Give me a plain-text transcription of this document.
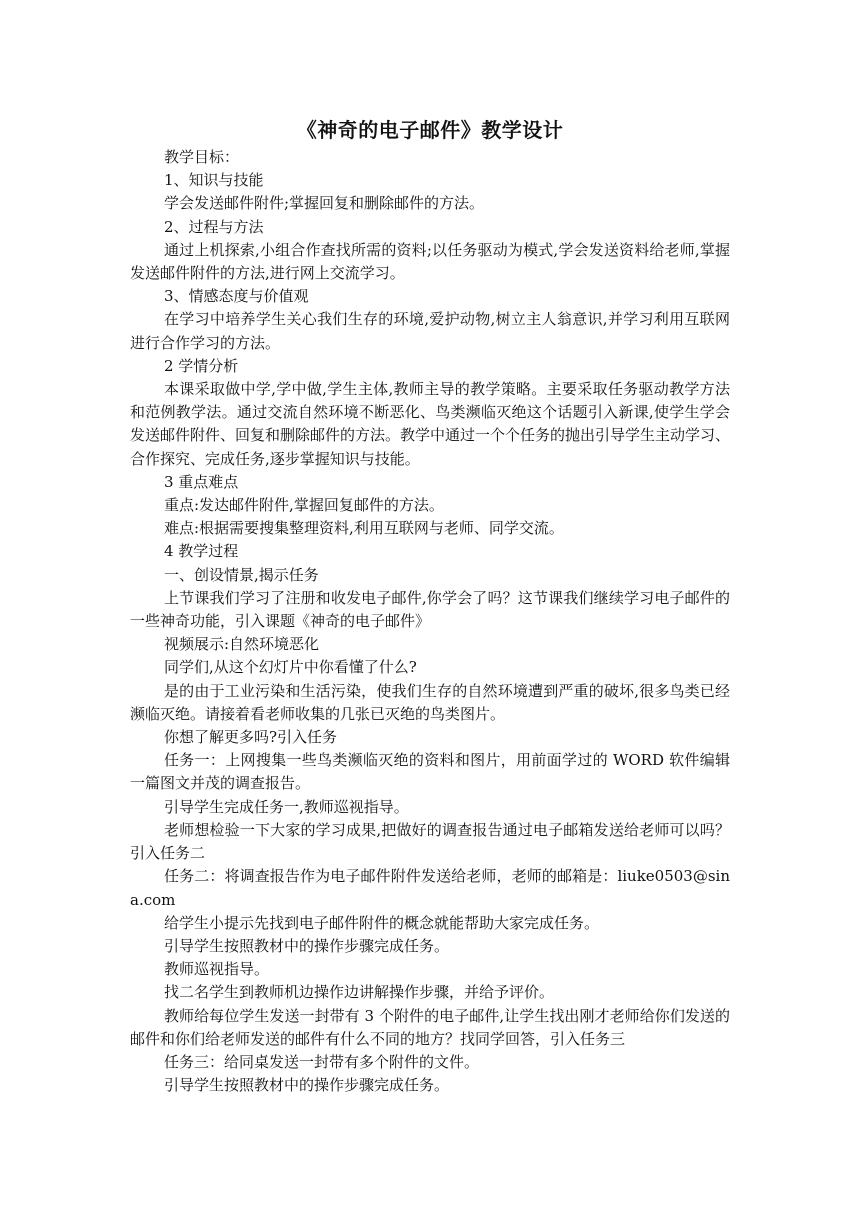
《神奇的电子邮件》教学设计

教学目标：

1、知识与技能

学会发送邮件附件;掌握回复和删除邮件的方法。

2、过程与方法

通过上机探索,小组合作查找所需的资料;以任务驱动为模式,学会发送资料给老师,掌握发送邮件附件的方法,进行网上交流学习。

3、情感态度与价值观

在学习中培养学生关心我们生存的环境,爱护动物,树立主人翁意识,并学习利用互联网进行合作学习的方法。

2 学情分析

本课采取做中学,学中做,学生主体,教师主导的教学策略。主要采取任务驱动教学方法和范例教学法。通过交流自然环境不断恶化、鸟类濒临灭绝这个话题引入新课,使学生学会发送邮件附件、回复和删除邮件的方法。教学中通过一个个任务的抛出引导学生主动学习、合作探究、完成任务,逐步掌握知识与技能。

3 重点难点

重点:发达邮件附件,掌握回复邮件的方法。

难点:根据需要搜集整理资料,利用互联网与老师、同学交流。

4 教学过程

一、创设情景,揭示任务

上节课我们学习了注册和收发电子邮件,你学会了吗？这节课我们继续学习电子邮件的一些神奇功能，引入课题《神奇的电子邮件》

视频展示:自然环境恶化

同学们,从这个幻灯片中你看懂了什么?

是的由于工业污染和生活污染，使我们生存的自然环境遭到严重的破坏,很多鸟类已经濒临灭绝。请接着看老师收集的几张已灭绝的鸟类图片。

你想了解更多吗?引入任务

任务一：上网搜集一些鸟类濒临灭绝的资料和图片，用前面学过的 WORD 软件编辑一篇图文并茂的调查报告。

引导学生完成任务一,教师巡视指导。

老师想检验一下大家的学习成果,把做好的调查报告通过电子邮箱发送给老师可以吗？引入任务二

任务二：将调查报告作为电子邮件附件发送给老师，老师的邮箱是：liuke0503@sina.com

给学生小提示先找到电子邮件附件的概念就能帮助大家完成任务。

引导学生按照教材中的操作步骤完成任务。

教师巡视指导。

找二名学生到教师机边操作边讲解操作步骤，并给予评价。

教师给每位学生发送一封带有 3 个附件的电子邮件,让学生找出刚才老师给你们发送的邮件和你们给老师发送的邮件有什么不同的地方？找同学回答，引入任务三

任务三：给同桌发送一封带有多个附件的文件。

引导学生按照教材中的操作步骤完成任务。
